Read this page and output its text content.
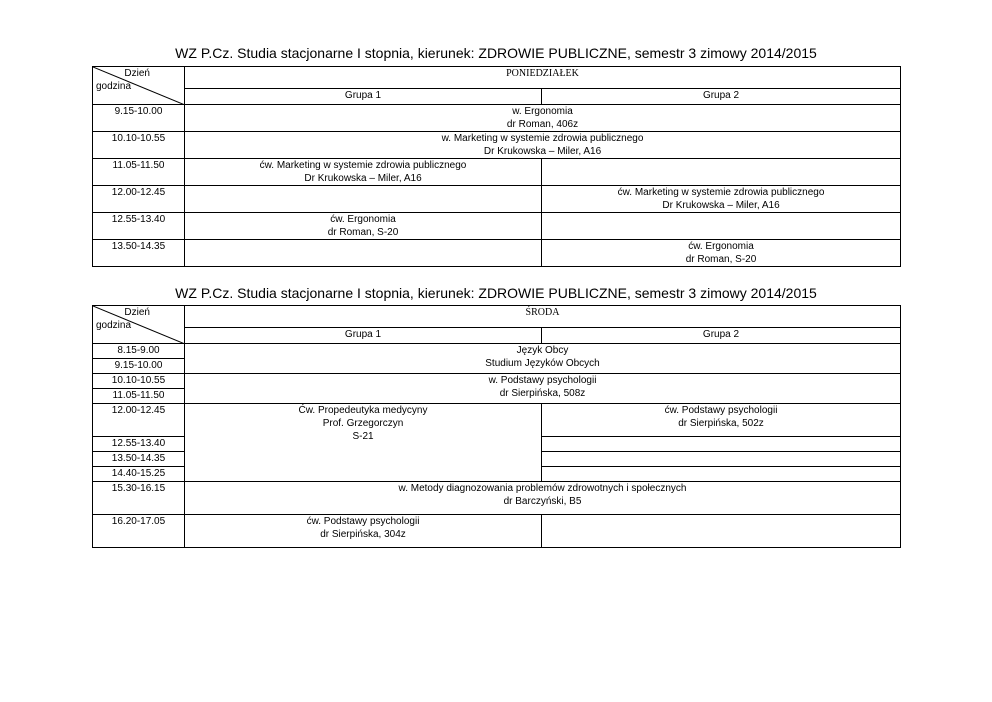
WZ P.Cz. Studia stacjonarne I stopnia, kierunek: ZDROWIE PUBLICZNE, semestr 3 zimowy 2014/2015
Dzień
godzina	PONIEDZIAŁEK	
	Grupa 1	Grupa 2
9.15-10.00	w. Ergonomia
dr Roman, 406z	

10.10-10.55	w. Marketing w systemie zdrowia publicznego
Dr Krukowska – Miler, A16	

11.05-11.50	ćw. Marketing w systemie zdrowia publicznego
Dr Krukowska – Miler, A16	

12.00-12.45		ćw. Marketing w systemie zdrowia publicznego
Dr Krukowska – Miler, A16

12.55-13.40	ćw. Ergonomia
dr Roman, S-20	

13.50-14.35		ćw. Ergonomia
dr Roman, S-20
WZ P.Cz. Studia stacjonarne I stopnia, kierunek: ZDROWIE PUBLICZNE, semestr 3 zimowy 2014/2015
Dzień
godzina	ŚRODA	
	Grupa 1	Grupa 2
8.15-9.00	Język Obcy
Studium Języków Obcych	

9.15-10.00		
10.10-10.55	w. Podstawy psychologii
dr Sierpińska, 508z	

11.05-11.50		
12.00-12.45	Ćw. Propedeutyka medycyny
Prof. Grzegorczyn
S-21	ćw. Podstawy psychologii
dr Sierpińska, 502z

12.55-13.40		
13.50-14.35		
14.40-15.25		
15.30-16.15	w. Metody diagnozowania problemów zdrowotnych i społecznych
dr Barczyński, B5	

16.20-17.05	ćw. Podstawy psychologii
dr Sierpińska, 304z	
